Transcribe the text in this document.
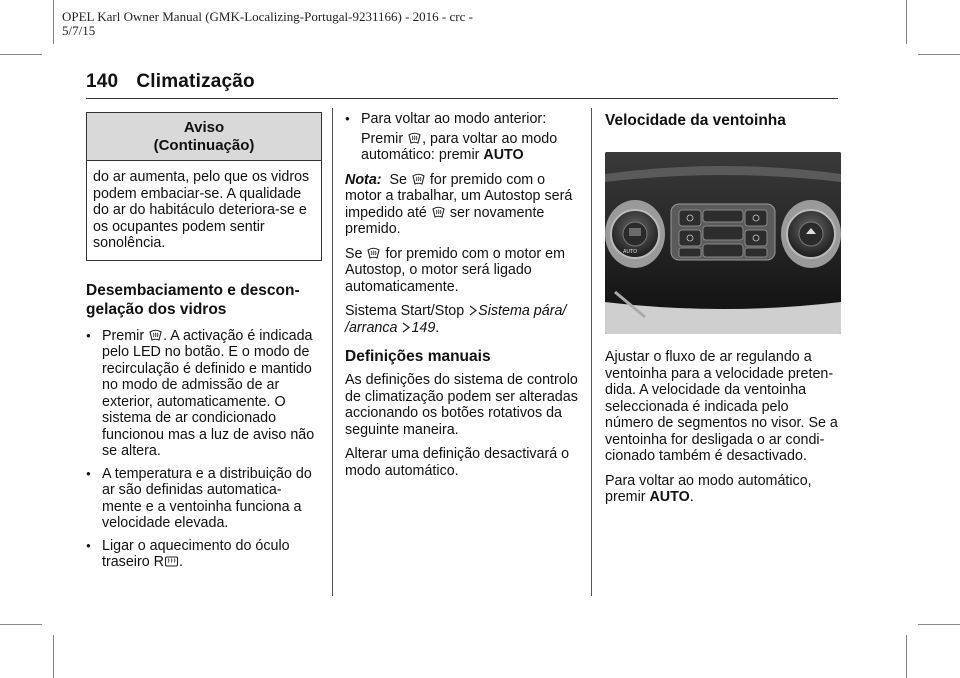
OPEL Karl Owner Manual (GMK-Localizing-Portugal-9231166) - 2016 - crc -
5/7/15
140 Climatização
Aviso
(Continuação)
do ar aumenta, pelo que os vidros podem embaciar-se. A qualidade do ar do habitáculo deteriora-se e os ocupantes podem sentir sonolência.
Desembaciamento e descon-
gelação dos vidros
● Premir
. A activação é indicada pelo LED no botão. E o modo de recirculação é definido e mantido no modo de admissão de ar exterior, automaticamente. O sistema de ar condicionado funcionou mas a luz de aviso não se altera.
● A temperatura e a distribuição do ar são definidas automatica- mente e a ventoinha funciona a velocidade elevada.
● Ligar o aquecimento do óculo traseiro R .
● Para voltar ao modo anterior:
Premir
, para voltar ao modo automático: premir AUTO

Nota: Se
for premido com o motor a trabalhar, um Autostop será impedido até
ser novamente premido.

Se
for premido com o motor em Autostop, o motor será ligado automaticamente.

Sistema Start/Stop
Sistema pára/ /arranca 149.

Definições manuais

As definições do sistema de controlo de climatização podem ser alteradas accionando os botões rotativos da seguinte maneira.

Alterar uma definição desactivará o modo automático.

Velocidade da ventoinha
AUTO

Ajustar o fluxo de ar regulando a ventoinha para a velocidade preten- dida. A velocidade da ventoinha seleccionada é indicada pelo número de segmentos no visor. Se a ventoinha for desligada o ar condi- cionado também é desactivado.

Para voltar ao modo automático, premir AUTO.
